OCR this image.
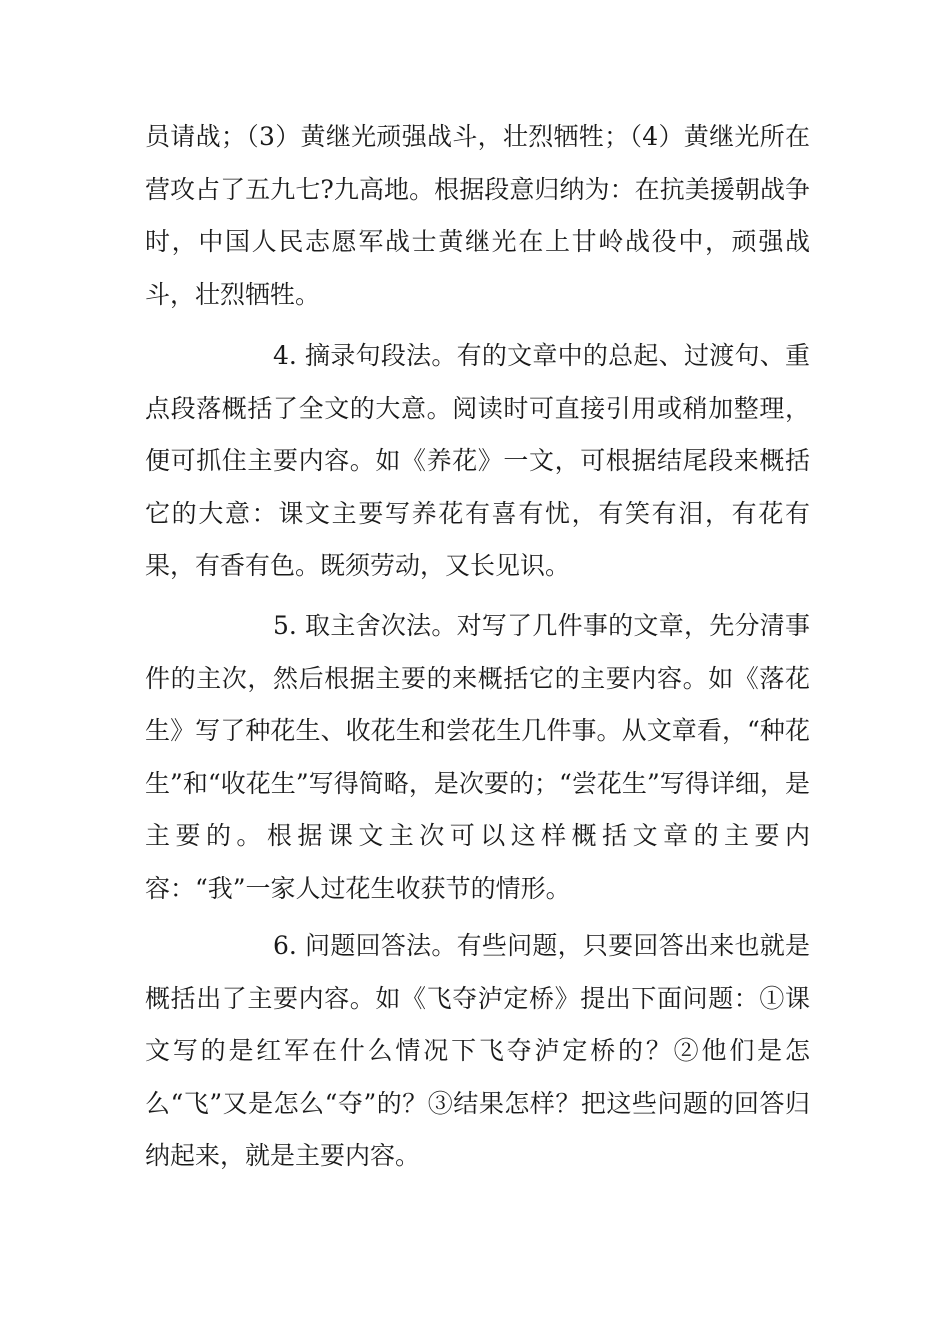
员请战；（3）黄继光顽强战斗，壮烈牺牲；（4）黄继光所在营攻占了五九七?九高地。根据段意归纳为：在抗美援朝战争时，中国人民志愿军战士黄继光在上甘岭战役中，顽强战斗，壮烈牺牲。

4. 摘录句段法。有的文章中的总起、过渡句、重点段落概括了全文的大意。阅读时可直接引用或稍加整理，便可抓住主要内容。如《养花》一文，可根据结尾段来概括它的大意：课文主要写养花有喜有忧，有笑有泪，有花有果，有香有色。既须劳动，又长见识。

5. 取主舍次法。对写了几件事的文章，先分清事件的主次，然后根据主要的来概括它的主要内容。如《落花生》写了种花生、收花生和尝花生几件事。从文章看，“种花生”和“收花生”写得简略，是次要的；“尝花生”写得详细，是主要的。根据课文主次可以这样概括文章的主要内容：“我”一家人过花生收获节的情形。

6. 问题回答法。有些问题，只要回答出来也就是概括出了主要内容。如《飞夺泸定桥》提出下面问题：①课文写的是红军在什么情况下飞夺泸定桥的？②他们是怎么“飞”又是怎么“夺”的？③结果怎样？把这些问题的回答归纳起来，就是主要内容。
